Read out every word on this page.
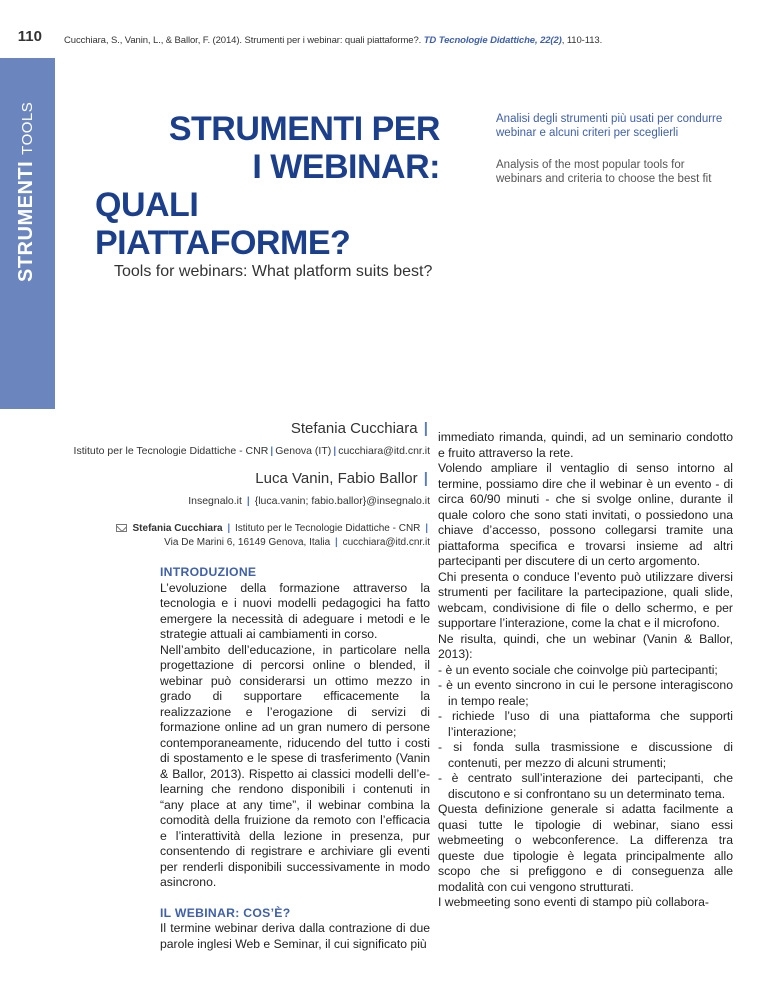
STRUMENTI
TOOLS
110 Cucchiara, S., Vanin, L., & Ballor, F. (2014). Strumenti per i webinar: quali piattaforme?. TD Tecnologie Didattiche, 22(2), 110-113.
STRUMENTI PER
I WEBINAR:
QUALI PIATTAFORME?
Analisi degli strumenti più usati per condurre webinar e alcuni criteri per sceglierli
Analysis of the most popular tools for webinars and criteria to choose the best fit
Tools for webinars: What platform suits best?
Stefania Cucchiara |
Istituto per le Tecnologie Didattiche - CNR | Genova (IT) | cucchiara@itd.cnr.it
Luca Vanin, Fabio Ballor |
Insegnalo.it | {luca.vanin; fabio.ballor}@insegnalo.it
Stefania Cucchiara | Istituto per le Tecnologie Didattiche - CNR |
Via De Marini 6, 16149 Genova, Italia | cucchiara@itd.cnr.it
INTRODUZIONE
L’evoluzione della formazione attraverso la tecnologia e i nuovi modelli pedagogici ha fatto emergere la necessità di adeguare i metodi e le strategie attuali ai cambiamenti in corso.
Nell’ambito dell’educazione, in particolare nella progettazione di percorsi online o blended, il webinar può considerarsi un ottimo mezzo in grado di supportare efficacemente la realizzazione e l’erogazione di servizi di formazione online ad un gran numero di persone contemporaneamente, riducendo del tutto i costi di spostamento e le spese di trasferimento (Vanin & Ballor, 2013). Rispetto ai classici modelli dell’e-learning che rendono disponibili i contenuti in “any place at any time”, il webinar combina la comodità della fruizione da remoto con l’efficacia e l’interattività della lezione in presenza, pur consentendo di registrare e archiviare gli eventi per renderli disponibili successivamente in modo asincrono.
IL WEBINAR: COS’È?
Il termine webinar deriva dalla contrazione di due parole inglesi Web e Seminar, il cui significato più
immediato rimanda, quindi, ad un seminario condotto e fruito attraverso la rete.
Volendo ampliare il ventaglio di senso intorno al termine, possiamo dire che il webinar è un evento - di circa 60/90 minuti - che si svolge online, durante il quale coloro che sono stati invitati, o possiedono una chiave d’accesso, possono collegarsi tramite una piattaforma specifica e trovarsi insieme ad altri partecipanti per discutere di un certo argomento.
Chi presenta o conduce l’evento può utilizzare diversi strumenti per facilitare la partecipazione, quali slide, webcam, condivisione di file o dello schermo, e per supportare l’interazione, come la chat e il microfono.
Ne risulta, quindi, che un webinar (Vanin & Ballor, 2013):
- è un evento sociale che coinvolge più partecipanti;
- è un evento sincrono in cui le persone interagiscono in tempo reale;
- richiede l’uso di una piattaforma che supporti l’interazione;
- si fonda sulla trasmissione e discussione di contenuti, per mezzo di alcuni strumenti;
- è centrato sull’interazione dei partecipanti, che discutono e si confrontano su un determinato tema.
Questa definizione generale si adatta facilmente a quasi tutte le tipologie di webinar, siano essi webmeeting o webconference. La differenza tra queste due tipologie è legata principalmente allo scopo che si prefiggono e di conseguenza alle modalità con cui vengono strutturati.
I webmeeting sono eventi di stampo più collabora-
